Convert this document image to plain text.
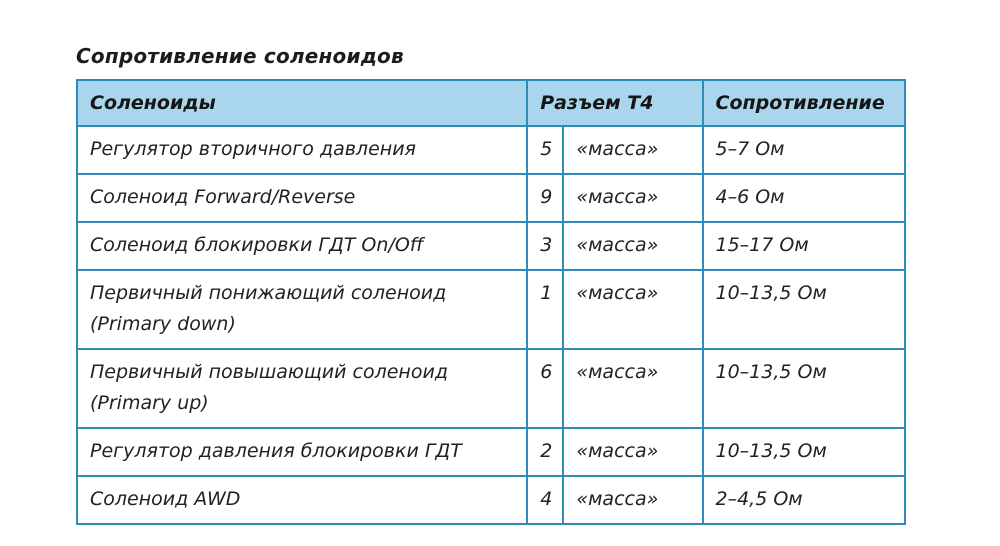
Сопротивление соленоидов
Соленоиды	Разъем Т4		Сопротивление
Регулятор вторичного давления	5	«масса»	5–7 Ом
Соленоид Forward/Reverse	9	«масса»	4–6 Ом
Соленоид блокировки ГДТ On/Off	3	«масса»	15–17 Ом

Первичный понижающий соленоид
(Primary down)	1	«масса»	10–13,5 Ом

Первичный повышающий соленоид
(Primary up)	6	«масса»	10–13,5 Ом
Регулятор давления блокировки ГДТ	2	«масса»	10–13,5 Ом
Соленоид AWD	4	«масса»	2–4,5 Ом
